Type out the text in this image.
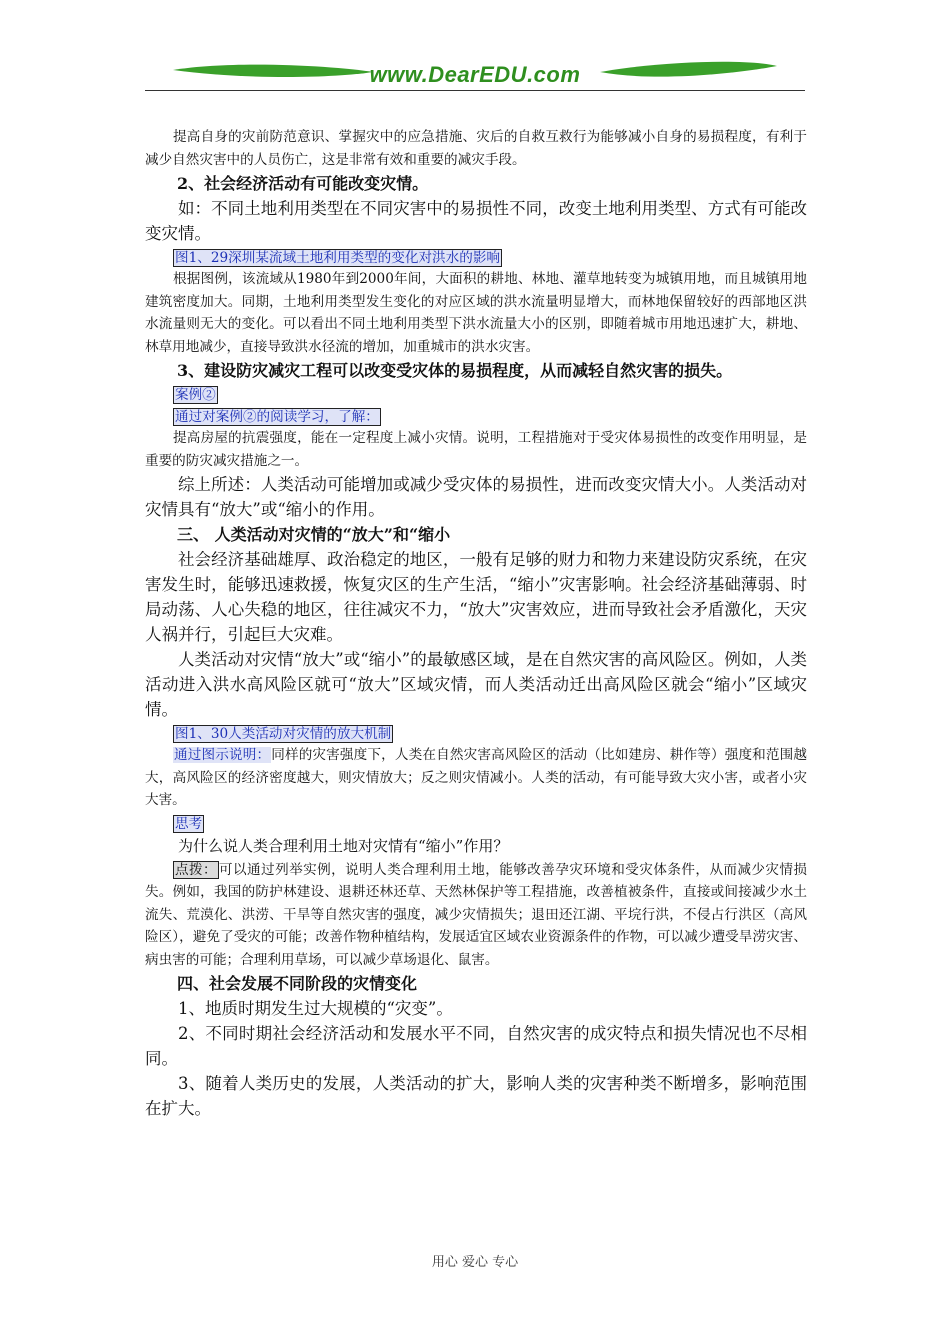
www.DearEDU.com

提高自身的灾前防范意识、掌握灾中的应急措施、灾后的自救互救行为能够减小自身的易损程度，有利于减少自然灾害中的人员伤亡，这是非常有效和重要的减灾手段。

2、社会经济活动有可能改变灾情。

如：不同土地利用类型在不同灾害中的易损性不同，改变土地利用类型、方式有可能改变灾情。

图1、29深圳某流域土地利用类型的变化对洪水的影响

根据图例，该流域从1980年到2000年间，大面积的耕地、林地、灌草地转变为城镇用地，而且城镇用地建筑密度加大。同期，土地利用类型发生变化的对应区域的洪水流量明显增大，而林地保留较好的西部地区洪水流量则无大的变化。可以看出不同土地利用类型下洪水流量大小的区别，即随着城市用地迅速扩大，耕地、林草用地减少，直接导致洪水径流的增加，加重城市的洪水灾害。

3、建设防灾减灾工程可以改变受灾体的易损程度，从而减轻自然灾害的损失。

案例②
通过对案例②的阅读学习，了解：

提高房屋的抗震强度，能在一定程度上减小灾情。说明，工程措施对于受灾体易损性的改变作用明显，是重要的防灾减灾措施之一。

综上所述：人类活动可能增加或减少受灾体的易损性，进而改变灾情大小。人类活动对灾情具有“放大”或“缩小的作用。

三、 人类活动对灾情的“放大”和“缩小

社会经济基础雄厚、政治稳定的地区，一般有足够的财力和物力来建设防灾系统，在灾害发生时，能够迅速救援，恢复灾区的生产生活，“缩小”灾害影响。社会经济基础薄弱、时局动荡、人心失稳的地区，往往减灾不力，“放大”灾害效应，进而导致社会矛盾激化，天灾人祸并行，引起巨大灾难。

人类活动对灾情“放大”或“缩小”的最敏感区域，是在自然灾害的高风险区。例如，人类活动进入洪水高风险区就可“放大”区域灾情，而人类活动迁出高风险区就会“缩小”区域灾情。

图1、30人类活动对灾情的放大机制

通过图示说明：同样的灾害强度下，人类在自然灾害高风险区的活动（比如建房、耕作等）强度和范围越大，高风险区的经济密度越大，则灾情放大；反之则灾情减小。人类的活动，有可能导致大灾小害，或者小灾大害。

思考

为什么说人类合理利用土地对灾情有“缩小”作用？

点拨： 可以通过列举实例，说明人类合理利用土地，能够改善孕灾环境和受灾体条件，从而减少灾情损失。例如，我国的防护林建设、退耕还林还草、天然林保护等工程措施，改善植被条件，直接或间接减少水土流失、荒漠化、洪涝、干旱等自然灾害的强度，减少灾情损失；退田还江湖、平垸行洪，不侵占行洪区（高风险区），避免了受灾的可能；改善作物种植结构，发展适宜区域农业资源条件的作物，可以减少遭受旱涝灾害、病虫害的可能；合理利用草场，可以减少草场退化、鼠害。

四、社会发展不同阶段的灾情变化

1、地质时期发生过大规模的“灾变”。

2、不同时期社会经济活动和发展水平不同，自然灾害的成灾特点和损失情况也不尽相同。

3、随着人类历史的发展，人类活动的扩大，影响人类的灾害种类不断增多，影响范围在扩大。

用心 爱心 专心
